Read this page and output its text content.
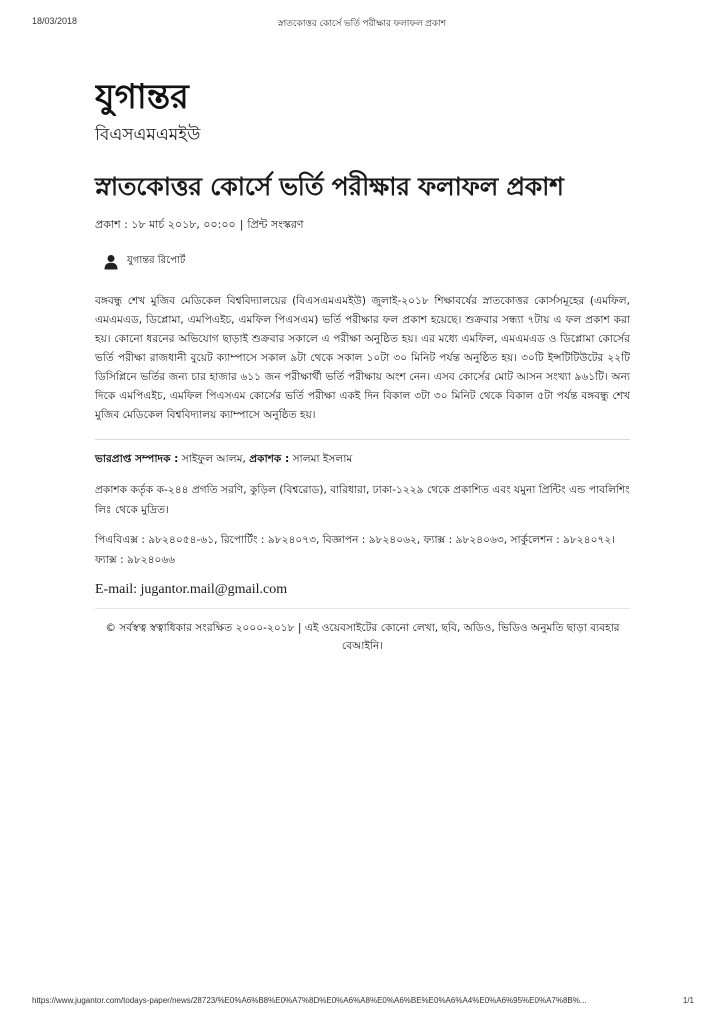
18/03/2018	স্নাতকোত্তর কোর্সে ভর্তি পরীক্ষার ফলাফল প্রকাশ
যুগান্তর
বিএসএমএমইউ
স্নাতকোত্তর কোর্সে ভর্তি পরীক্ষার ফলাফল প্রকাশ
প্রকাশ : ১৮ মার্চ ২০১৮, ০০:০০ | প্রিন্ট সংস্করণ
যুগান্তর রিপোর্ট

বঙ্গবন্ধু শেখ মুজিব মেডিকেল বিশ্ববিদ্যালয়ের (বিএসএমএমইউ) জুলাই-২০১৮ শিক্ষাবর্ষের স্নাতকোত্তর কোর্সসমূহের (এমফিল, এমএমএড, ডিপ্লোমা, এমপিএইচ, এমফিল পিএসএম) ভর্তি পরীক্ষার ফল প্রকাশ হয়েছে। শুক্রবার সন্ধ্যা ৭টায় এ ফল প্রকাশ করা হয়। কোনো ধরনের অভিযোগ ছাড়াই শুক্রবার সকালে এ পরীক্ষা অনুষ্ঠিত হয়। এর মধ্যে এমফিল, এমএমএড ও ডিপ্লোমা কোর্সের ভর্তি পরীক্ষা রাজধানী বুয়েট ক্যাম্পাসে সকাল ৯টা থেকে সকাল ১০টা ৩০ মিনিট পর্যন্ত অনুষ্ঠিত হয়। ৩০টি ইন্সটিটিউটের ২২টি ডিসিপ্লিনে ভর্তির জন্য চার হাজার ৬১১ জন পরীক্ষার্থী ভর্তি পরীক্ষায় অংশ নেন। এসব কোর্সের মোট আসন সংখ্যা ৯৬১টি। অন্য দিকে এমপিএইচ, এমফিল পিএসএম কোর্সের ভর্তি পরীক্ষা একই দিন বিকাল ৩টা ৩০ মিনিট থেকে বিকাল ৫টা পর্যন্ত বঙ্গবন্ধু শেখ মুজিব মেডিকেল বিশ্ববিদ্যালয় ক্যাম্পাসে অনুষ্ঠিত হয়।

ভারপ্রাপ্ত সম্পাদক : সাইফুল আলম, প্রকাশক : সালমা ইসলাম
প্রকাশক কর্তৃক ক-২৪৪ প্রগতি সরণি, কুড়িল (বিশ্বরোড), বারিধারা, ঢাকা-১২২৯ থেকে প্রকাশিত এবং যমুনা প্রিন্টিং এন্ড পাবলিশিং লিঃ থেকে মুদ্রিত।
পিএবিএক্স : ৯৮২৪০৫৪-৬১, রিপোর্টিং : ৯৮২৪০৭৩, বিজ্ঞাপন : ৯৮২৪০৬২, ফ্যাক্স : ৯৮২৪০৬৩, সার্কুলেশন : ৯৮২৪০৭২। ফ্যাক্স : ৯৮২৪০৬৬
E-mail: jugantor.mail@gmail.com
© সর্বস্বত্ব স্বত্বাধিকার সংরক্ষিত ২০০০-২০১৮ | এই ওয়েবসাইটের কোনো লেখা, ছবি, অডিও, ভিডিও অনুমতি ছাড়া ব্যবহার বেআইনি।
https://www.jugantor.com/todays-paper/news/28723/%E0%A6%B8%E0%A7%8D%E0%A6%A8%E0%A6%BE%E0%A6%A4%E0%A6%95%E0%A7%8B%...	1/1
